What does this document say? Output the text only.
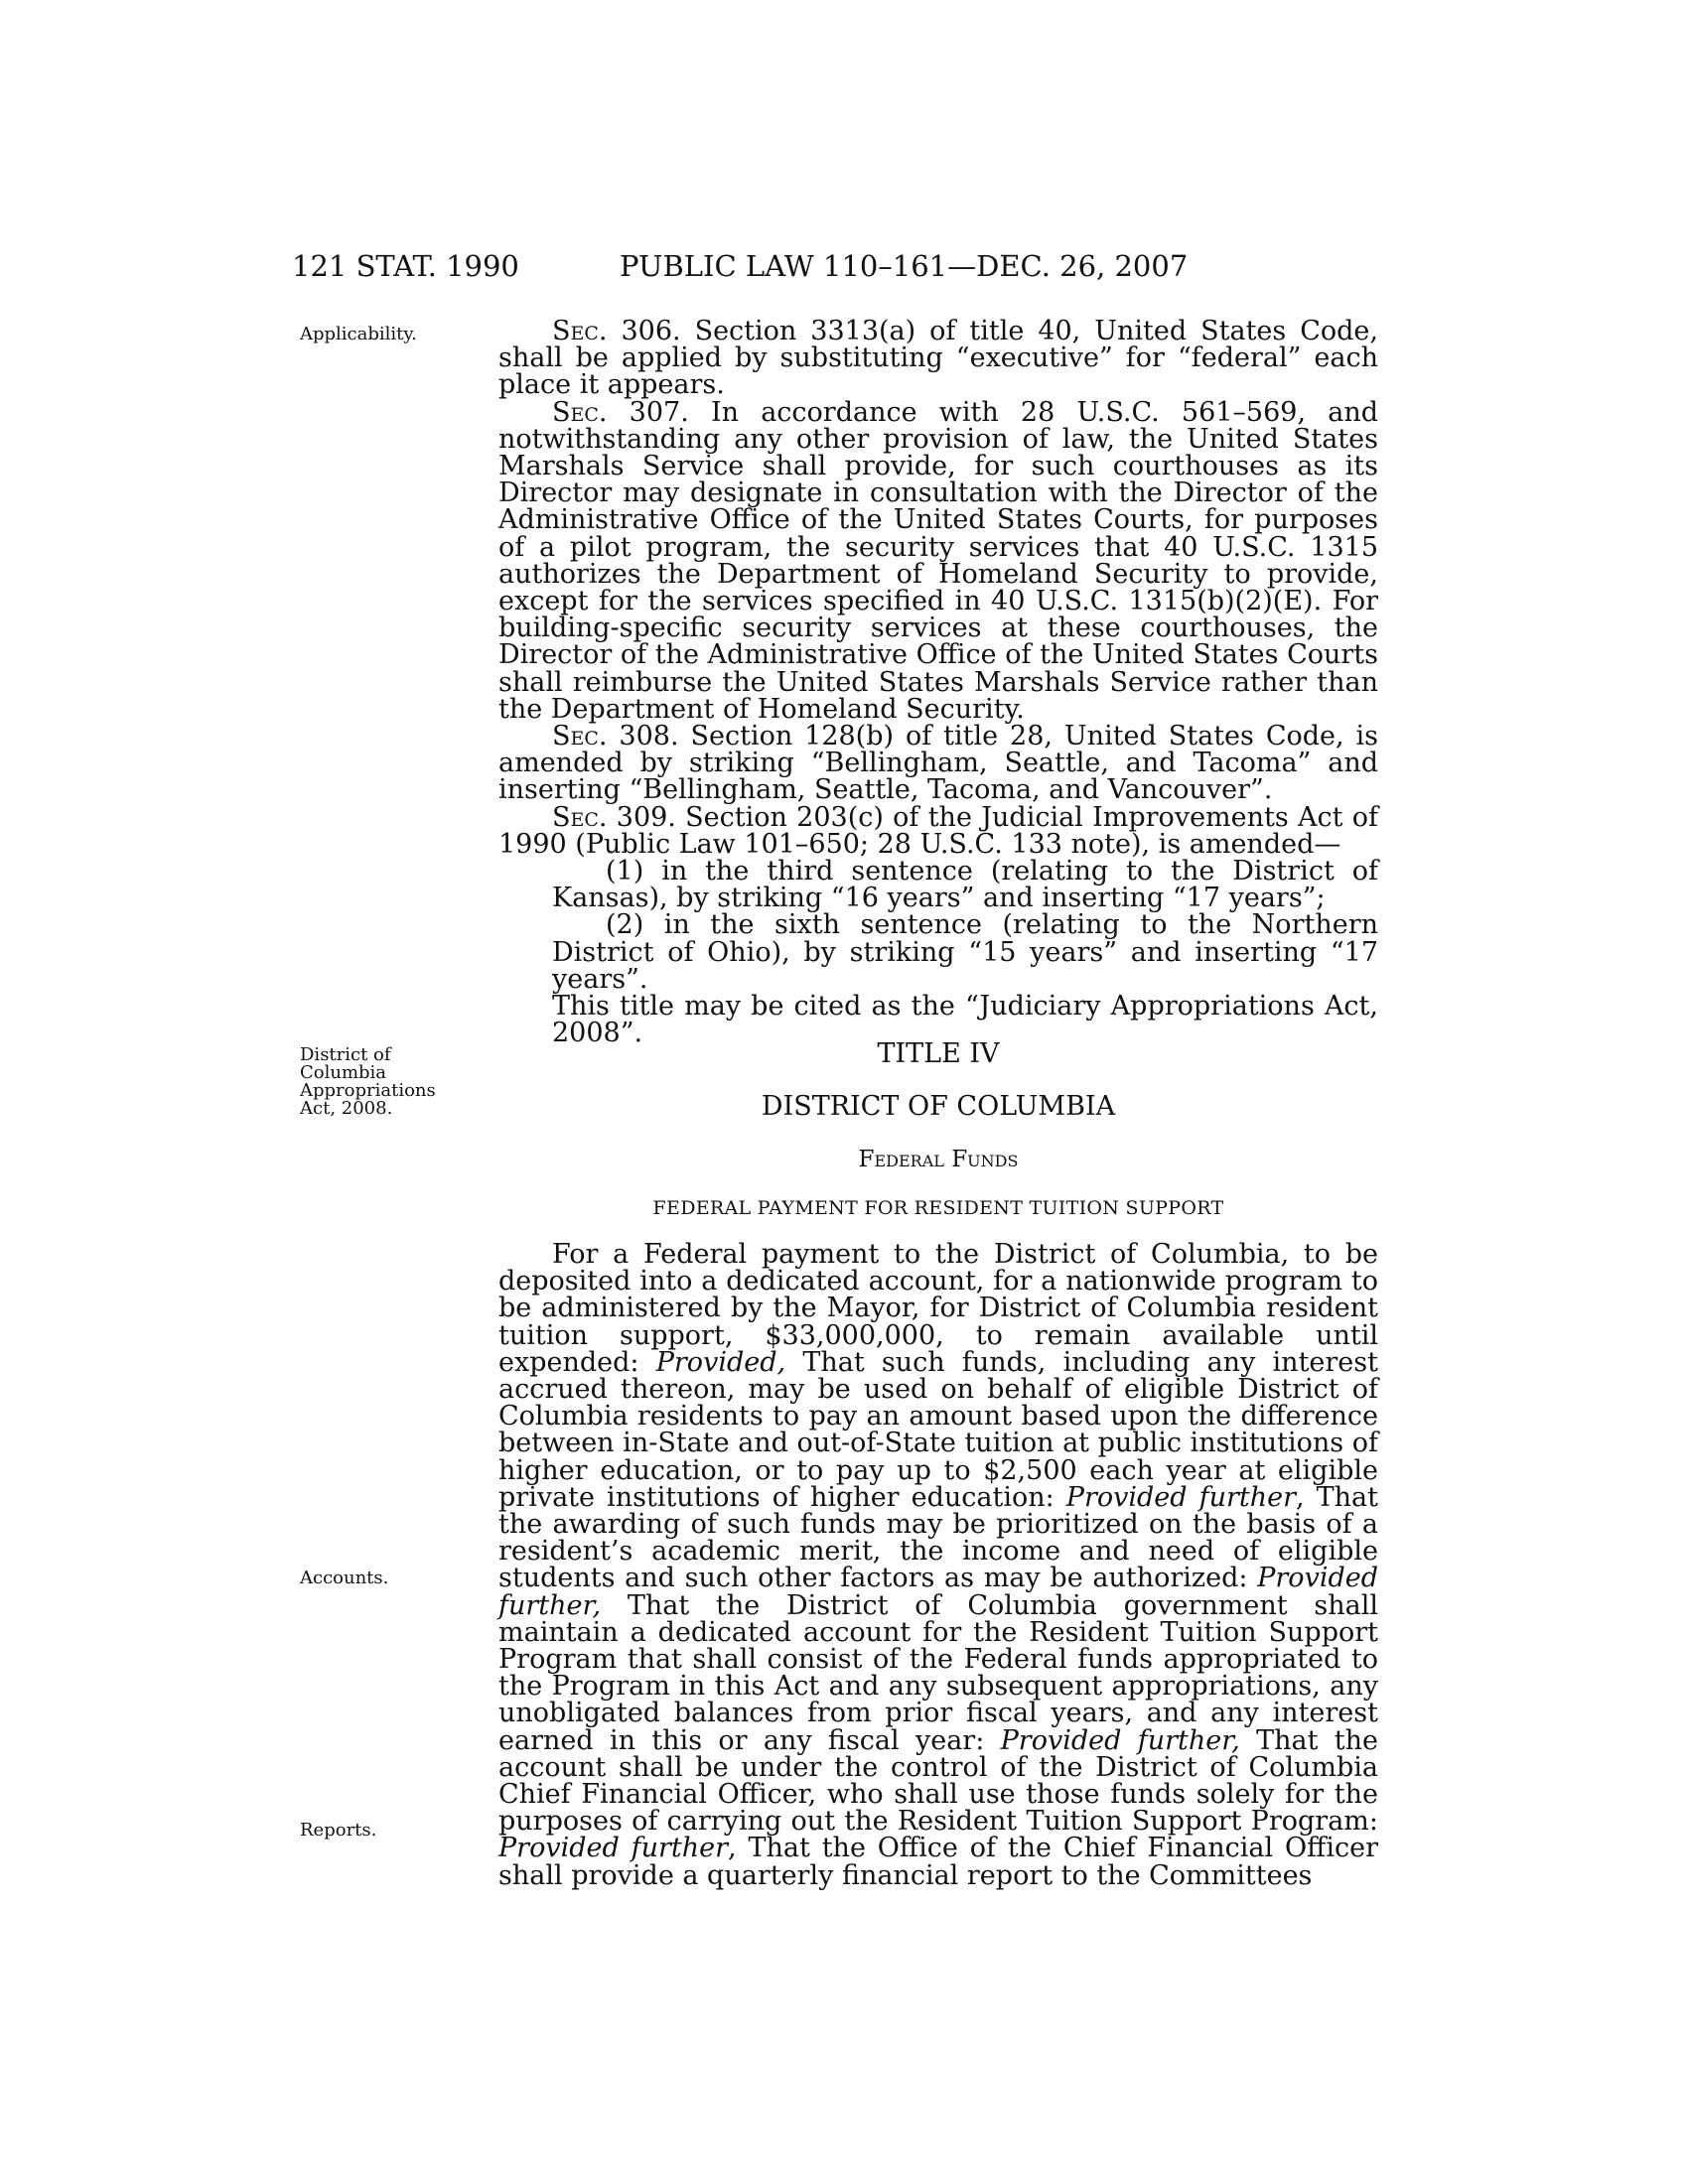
121 STAT. 1990	PUBLIC LAW 110–161—DEC. 26, 2007
Applicability.
District of
Columbia
Appropriations
Act, 2008.
Accounts.
Reports.

Sec. 306. Section 3313(a) of title 40, United States Code, shall be applied by substituting “executive” for “federal” each place it appears.

Sec. 307. In accordance with 28 U.S.C. 561–569, and notwithstanding any other provision of law, the United States Marshals Service shall provide, for such courthouses as its Director may designate in consultation with the Director of the Administrative Office of the United States Courts, for purposes of a pilot program, the security services that 40 U.S.C. 1315 authorizes the Department of Homeland Security to provide, except for the services specified in 40 U.S.C. 1315(b)(2)(E). For building-specific security services at these courthouses, the Director of the Administrative Office of the United States Courts shall reimburse the United States Marshals Service rather than the Department of Homeland Security.

Sec. 308. Section 128(b) of title 28, United States Code, is amended by striking “Bellingham, Seattle, and Tacoma” and inserting “Bellingham, Seattle, Tacoma, and Vancouver”.

Sec. 309. Section 203(c) of the Judicial Improvements Act of 1990 (Public Law 101–650; 28 U.S.C. 133 note), is amended—

(1) in the third sentence (relating to the District of Kansas), by striking “16 years” and inserting “17 years”;

(2) in the sixth sentence (relating to the Northern District of Ohio), by striking “15 years” and inserting “17 years”.

This title may be cited as the “Judiciary Appropriations Act, 2008”.

TITLE IV
DISTRICT OF COLUMBIA
Federal Funds
FEDERAL PAYMENT FOR RESIDENT TUITION SUPPORT

For a Federal payment to the District of Columbia, to be deposited into a dedicated account, for a nationwide program to be administered by the Mayor, for District of Columbia resident tuition support, $33,000,000, to remain available until expended: Provided, That such funds, including any interest accrued thereon, may be used on behalf of eligible District of Columbia residents to pay an amount based upon the difference between in-State and out-of-State tuition at public institutions of higher education, or to pay up to $2,500 each year at eligible private institutions of higher education: Provided further, That the awarding of such funds may be prioritized on the basis of a resident’s academic merit, the income and need of eligible students and such other factors as may be authorized: Provided further, That the District of Columbia government shall maintain a dedicated account for the Resident Tuition Support Program that shall consist of the Federal funds appropriated to the Program in this Act and any subsequent appropriations, any unobligated balances from prior fiscal years, and any interest earned in this or any fiscal year: Provided further, That the account shall be under the control of the District of Columbia Chief Financial Officer, who shall use those funds solely for the purposes of carrying out the Resident Tuition Support Program: Provided further, That the Office of the Chief Financial Officer shall provide a quarterly financial report to the Committees
